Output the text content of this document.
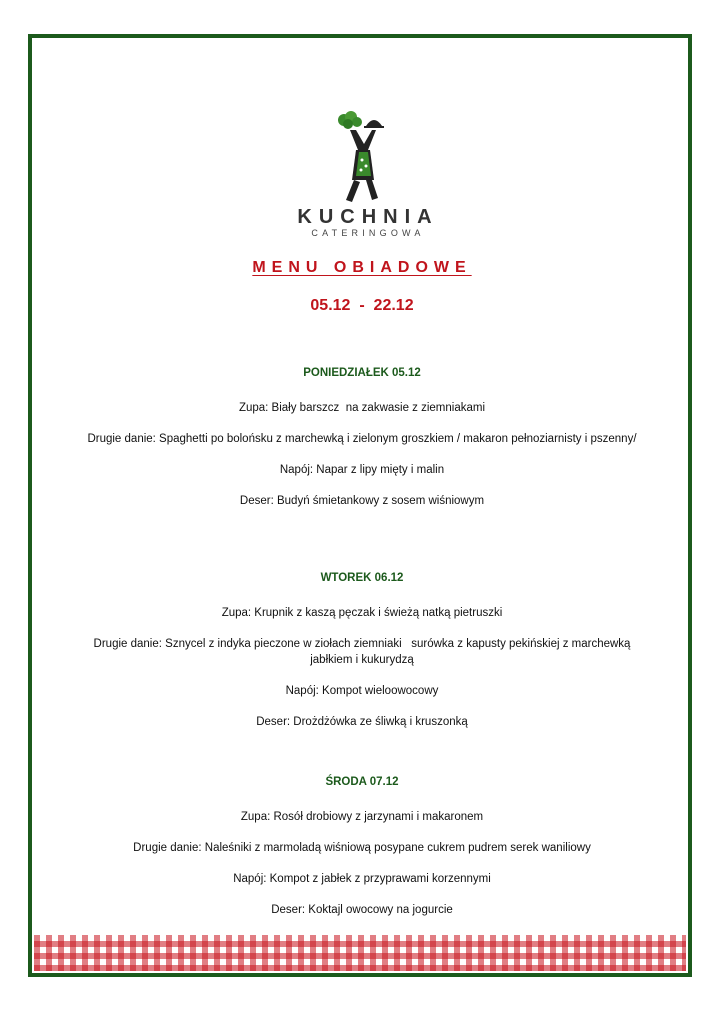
KUCHNIA
CATERINGOWA
MENU OBIADOWE
05.12  -  22.12
PONIEDZIAŁEK 05.12
Zupa: Biały barszcz  na zakwasie z ziemniakami
Drugie danie: Spaghetti po bolońsku z marchewką i zielonym groszkiem / makaron pełnoziarnisty i pszenny/
Napój: Napar z lipy mięty i malin
Deser: Budyń śmietankowy z sosem wiśniowym
WTOREK 06.12
Zupa: Krupnik z kaszą pęczak i świeżą natką pietruszki
Drugie danie: Sznycel z indyka pieczone w ziołach ziemniaki   surówka z kapusty pekińskiej z marchewką jabłkiem i kukurydzą
Napój: Kompot wieloowocowy
Deser: Drożdżówka ze śliwką i kruszonką
ŚRODA 07.12
Zupa: Rosół drobiowy z jarzynami i makaronem
Drugie danie: Naleśniki z marmoladą wiśniową posypane cukrem pudrem serek waniliowy
Napój: Kompot z jabłek z przyprawami korzennymi
Deser: Koktajl owocowy na jogurcie
